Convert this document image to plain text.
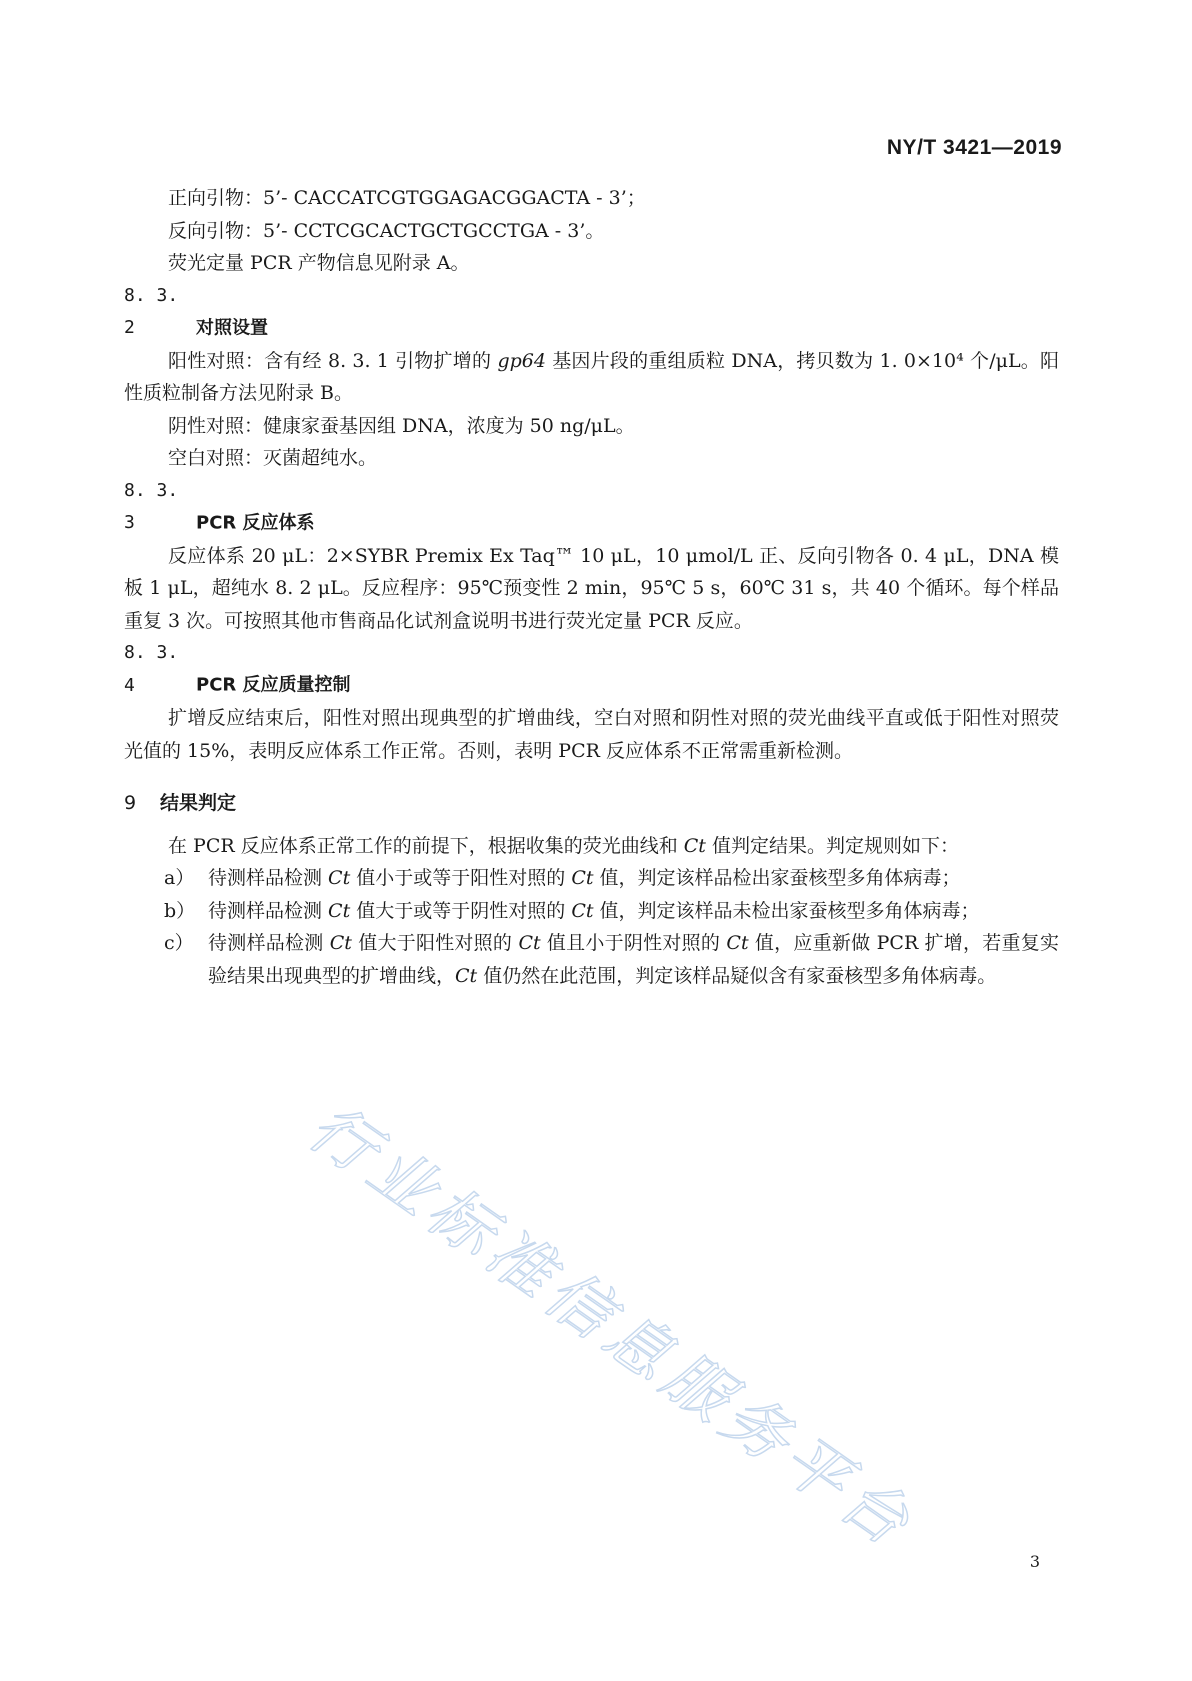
NY/T 3421—2019
行业标准信息服务平台

正向引物：5’- CACCATCGTGGAGACGGACTA - 3’；

反向引物：5’- CCTCGCACTGCTGCCTGA - 3’。

荧光定量 PCR 产物信息见附录 A。

8. 3. 2	对照设置

阳性对照：含有经 8. 3. 1 引物扩增的 gp64 基因片段的重组质粒 DNA，拷贝数为 1. 0×10⁴ 个/μL。阳性质粒制备方法见附录 B。

阴性对照：健康家蚕基因组 DNA，浓度为 50 ng/μL。

空白对照：灭菌超纯水。

8. 3. 3	PCR 反应体系

反应体系 20 μL：2×SYBR Premix Ex Taq™ 10 μL，10 μmol/L 正、反向引物各 0. 4 μL，DNA 模板 1 μL，超纯水 8. 2 μL。反应程序：95℃预变性 2 min，95℃ 5 s，60℃ 31 s，共 40 个循环。每个样品重复 3 次。可按照其他市售商品化试剂盒说明书进行荧光定量 PCR 反应。

8. 3. 4	PCR 反应质量控制

扩增反应结束后，阳性对照出现典型的扩增曲线，空白对照和阴性对照的荧光曲线平直或低于阳性对照荧光值的 15%，表明反应体系工作正常。否则，表明 PCR 反应体系不正常需重新检测。

9 结果判定

在 PCR 反应体系正常工作的前提下，根据收集的荧光曲线和 Ct 值判定结果。判定规则如下：

a） 待测样品检测 Ct 值小于或等于阳性对照的 Ct 值，判定该样品检出家蚕核型多角体病毒；

b） 待测样品检测 Ct 值大于或等于阴性对照的 Ct 值，判定该样品未检出家蚕核型多角体病毒；

c） 待测样品检测 Ct 值大于阳性对照的 Ct 值且小于阴性对照的 Ct 值，应重新做 PCR 扩增，若重复实验结果出现典型的扩增曲线，Ct 值仍然在此范围，判定该样品疑似含有家蚕核型多角体病毒。

3
